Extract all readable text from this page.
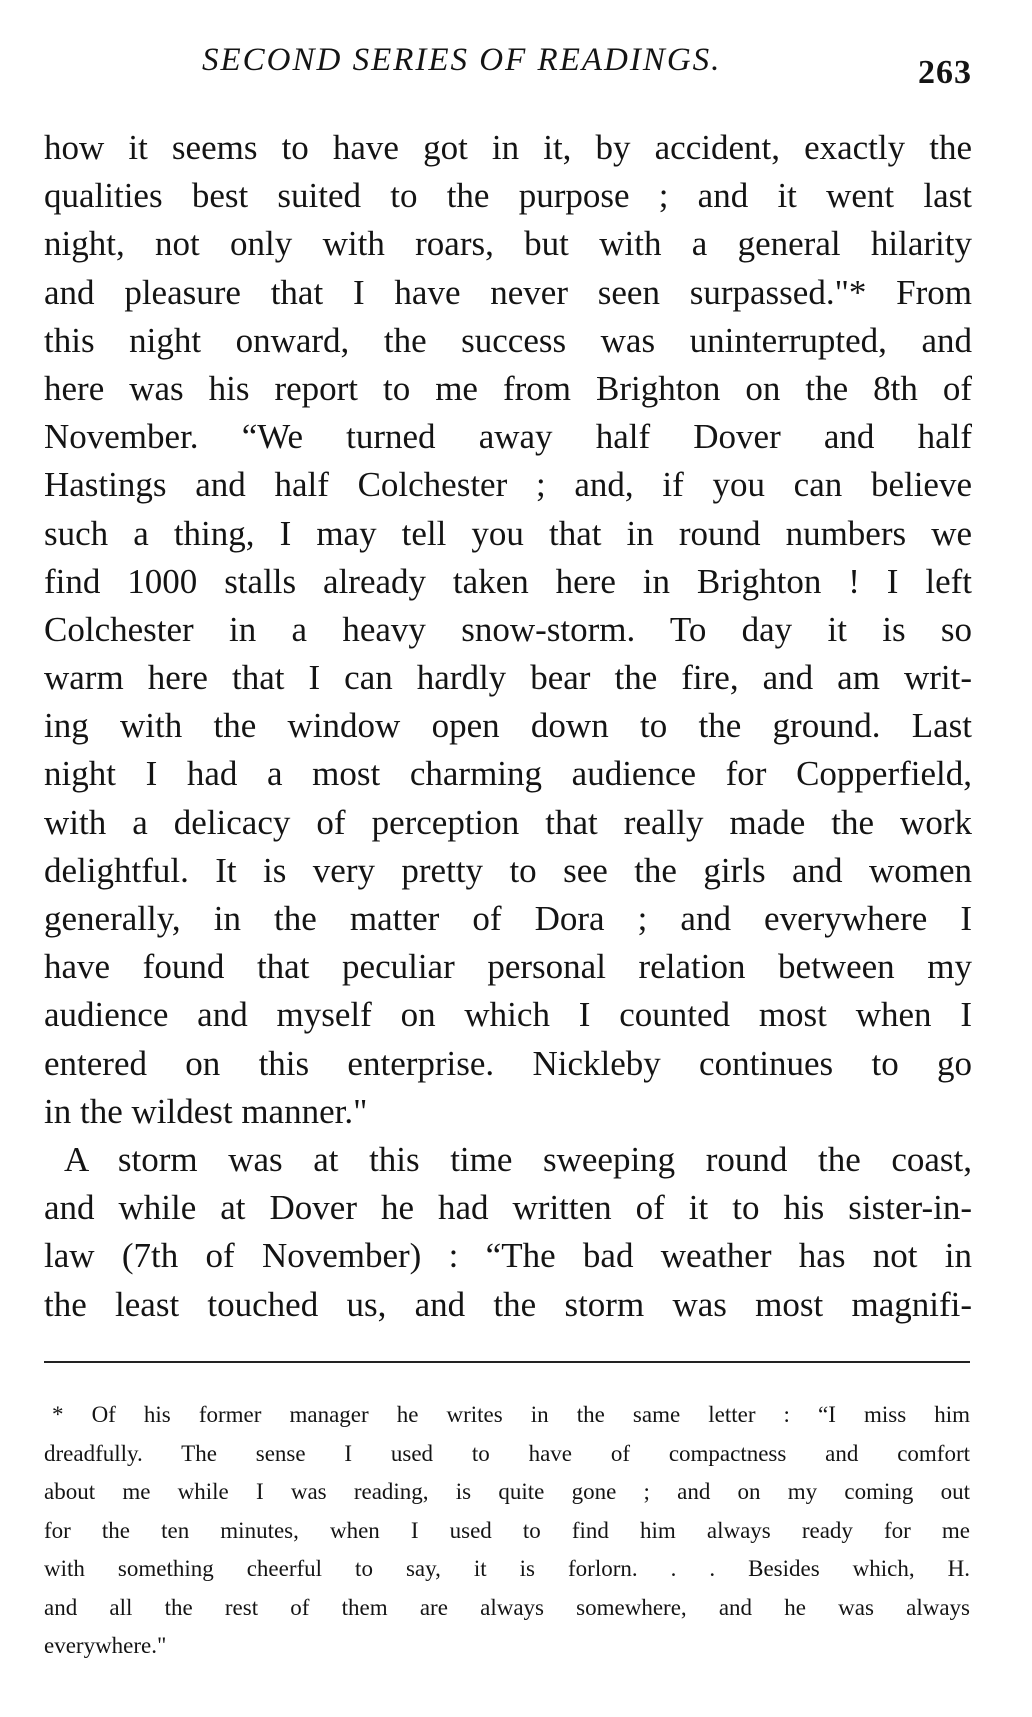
SECOND SERIES OF READINGS.	263
how it seems to have got in it, by accident, exactly the
qualities best suited to the purpose ; and it went last
night, not only with roars, but with a general hilarity
and pleasure that I have never seen surpassed."* From
this night onward, the success was uninterrupted, and
here was his report to me from Brighton on the 8th of
November. “We turned away half Dover and half
Hastings and half Colchester ; and, if you can believe
such a thing, I may tell you that in round numbers we
find 1000 stalls already taken here in Brighton ! I left
Colchester in a heavy snow-storm. To day it is so
warm here that I can hardly bear the fire, and am writ-
ing with the window open down to the ground. Last
night I had a most charming audience for Copperfield,
with a delicacy of perception that really made the work
delightful. It is very pretty to see the girls and women
generally, in the matter of Dora ; and everywhere I
have found that peculiar personal relation between my
audience and myself on which I counted most when I
entered on this enterprise. Nickleby continues to go
in the wildest manner."
A storm was at this time sweeping round the coast,
and while at Dover he had written of it to his sister-in-
law (7th of November) : “The bad weather has not in
the least touched us, and the storm was most magnifi-
* Of his former manager he writes in the same letter : “I miss him
dreadfully. The sense I used to have of compactness and comfort
about me while I was reading, is quite gone ; and on my coming out
for the ten minutes, when I used to find him always ready for me
with something cheerful to say, it is forlorn. . . Besides which, H.
and all the rest of them are always somewhere, and he was always
everywhere."
